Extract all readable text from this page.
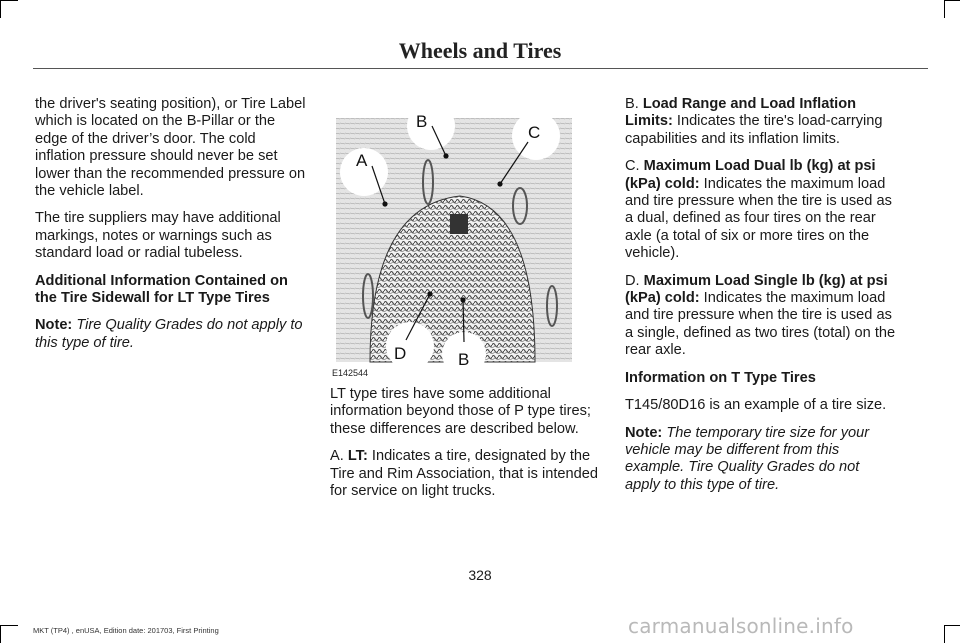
Wheels and Tires

the driver's seating position), or Tire Label which is located on the B-Pillar or the edge of the driver’s door. The cold inflation pressure should never be set lower than the recommended pressure on the vehicle label.

The tire suppliers may have additional markings, notes or warnings such as standard load or radial tubeless.

Additional Information Contained on the Tire Sidewall for LT Type Tires

Note: Tire Quality Grades do not apply to this type of tire.

A
B
C
D	B
E142544

LT type tires have some additional information beyond those of P type tires; these differences are described below.

A. LT: Indicates a tire, designated by the Tire and Rim Association, that is intended for service on light trucks.

B. Load Range and Load Inflation Limits: Indicates the tire's load-carrying capabilities and its inflation limits.

C. Maximum Load Dual lb (kg) at psi (kPa) cold: Indicates the maximum load and tire pressure when the tire is used as a dual, defined as four tires on the rear axle (a total of six or more tires on the vehicle).

D. Maximum Load Single lb (kg) at psi (kPa) cold: Indicates the maximum load and tire pressure when the tire is used as a single, defined as two tires (total) on the rear axle.

Information on T Type Tires

T145/80D16 is an example of a tire size.

Note: The temporary tire size for your vehicle may be different from this example. Tire Quality Grades do not apply to this type of tire.

328
MKT (TP4) , enUSA, Edition date: 201703, First Printing	carmanualsonline.info
